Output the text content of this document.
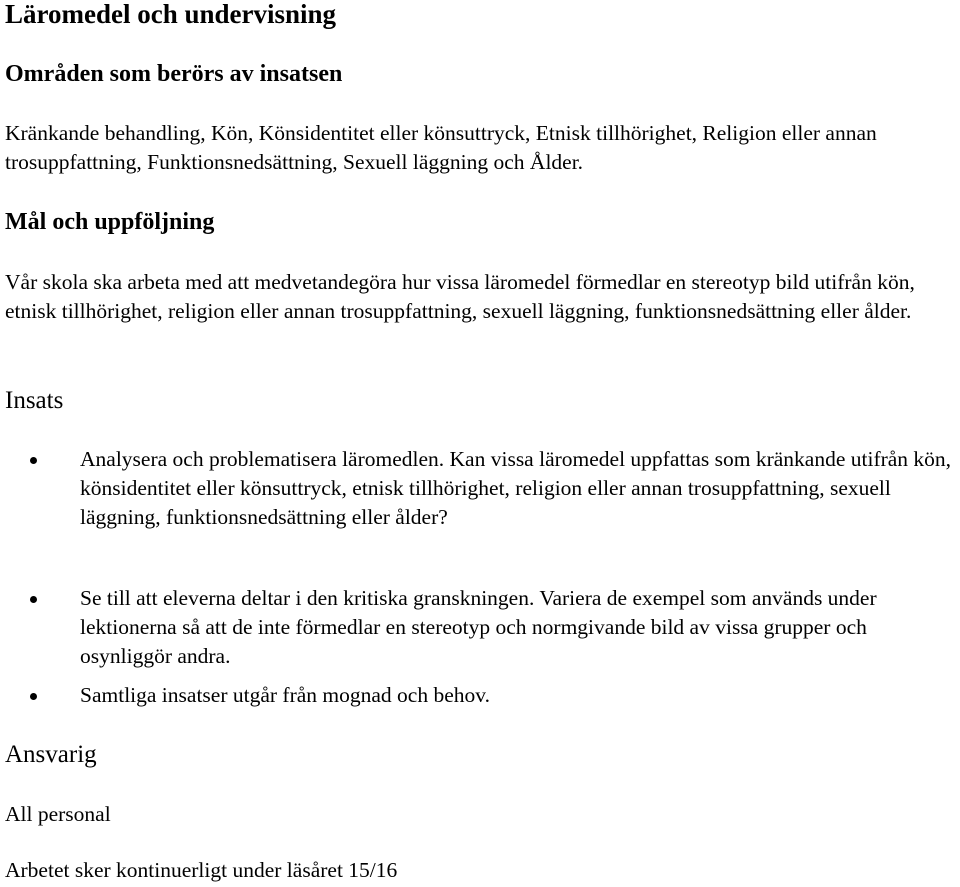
Läromedel och undervisning
Områden som berörs av insatsen
Kränkande behandling, Kön, Könsidentitet eller könsuttryck, Etnisk tillhörighet, Religion eller annan trosuppfattning, Funktionsnedsättning, Sexuell läggning och Ålder.
Mål och uppföljning
Vår skola ska arbeta med att medvetandegöra hur vissa läromedel förmedlar en stereotyp bild utifrån kön, etnisk tillhörighet, religion eller annan trosuppfattning, sexuell läggning, funktionsnedsättning eller ålder.
Insats
Analysera och problematisera läromedlen. Kan vissa läromedel uppfattas som kränkande utifrån kön, könsidentitet eller könsuttryck, etnisk tillhörighet, religion eller annan trosuppfattning, sexuell läggning, funktionsnedsättning eller ålder?
Se till att eleverna deltar i den kritiska granskningen. Variera de exempel som används under lektionerna så att de inte förmedlar en stereotyp och normgivande bild av vissa grupper och osynliggör andra.
Samtliga insatser utgår från mognad och behov.
Ansvarig
All personal
Arbetet sker kontinuerligt under läsåret 15/16
